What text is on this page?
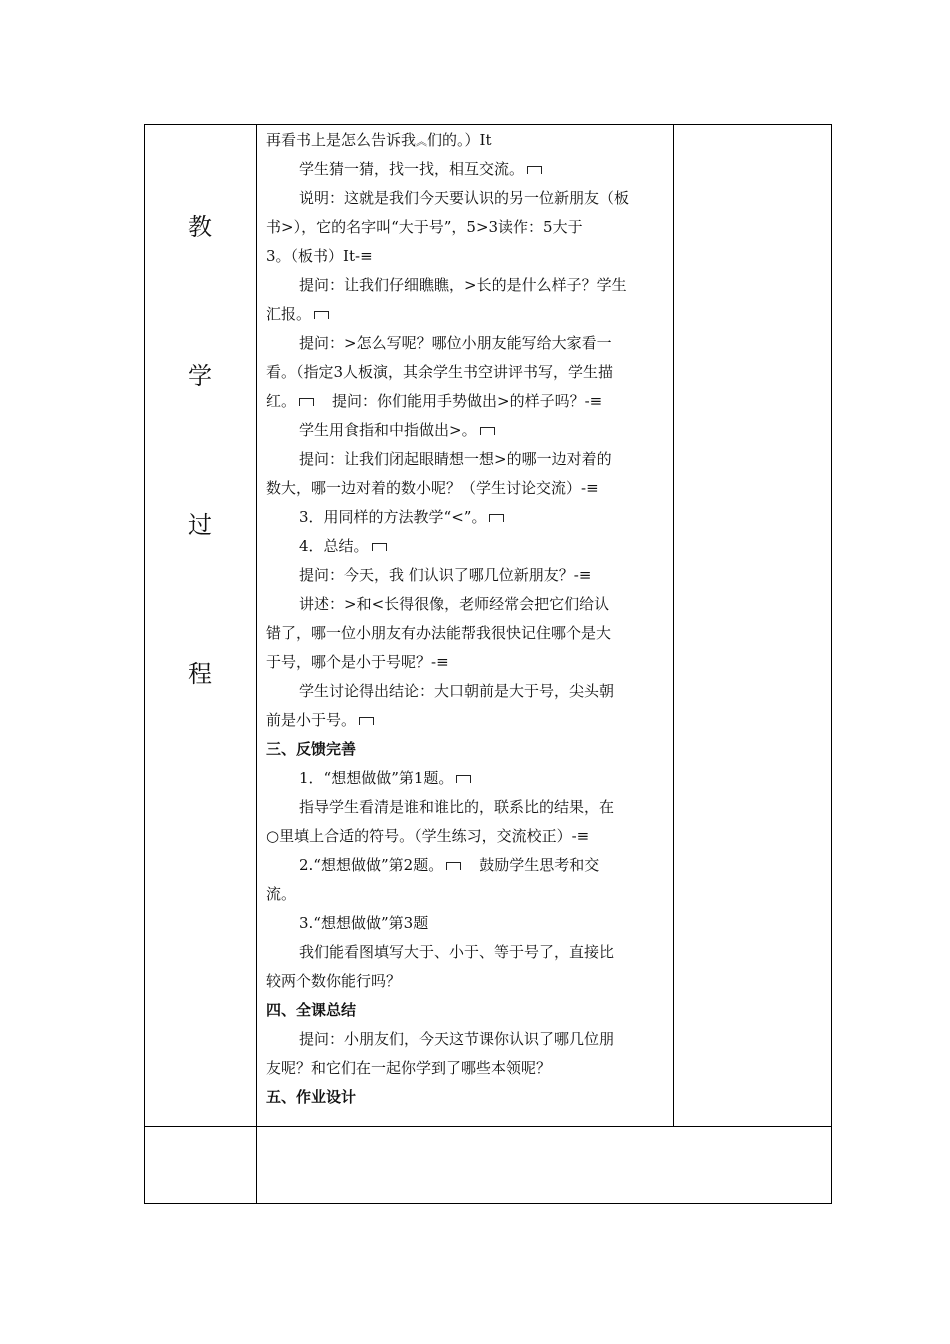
教
学
过
程
再看书上是怎么告诉我︽们的。）It
学生猜一猜，找一找，相互交流。
说明：这就是我们今天要认识的另一位新朋友（板
书>），它的名字叫“大于号”，5>3读作：5大于
3。（板书）It-≡
提问：让我们仔细瞧瞧，>长的是什么样子？学生
汇报。
提问：>怎么写呢？哪位小朋友能写给大家看一
看。（指定3人板演，其余学生书空讲评书写，学生描
红。 提问：你们能用手势做出>的样子吗？-≡
学生用食指和中指做出>。
提问：让我们闭起眼睛想一想>的哪一边对着的
数大，哪一边对着的数小呢？（学生讨论交流）-≡
3．用同样的方法教学“<”。
4．总结。
提问：今天，我 们认识了哪几位新朋友？-≡
讲述：>和<长得很像，老师经常会把它们给认
错了，哪一位小朋友有办法能帮我很快记住哪个是大
于号，哪个是小于号呢？-≡
学生讨论得出结论：大口朝前是大于号，尖头朝
前是小于号。
三、反馈完善
1．“想想做做”第1题。
指导学生看清是谁和谁比的，联系比的结果，在
○里填上合适的符号。（学生练习，交流校正）-≡
2.“想想做做”第2题。 鼓励学生思考和交
流。
3.“想想做做”第3题
我们能看图填写大于、小于、等于号了，直接比
较两个数你能行吗？
四、全课总结
提问：小朋友们，今天这节课你认识了哪几位朋
友呢？和它们在一起你学到了哪些本领呢？
五、作业设计
